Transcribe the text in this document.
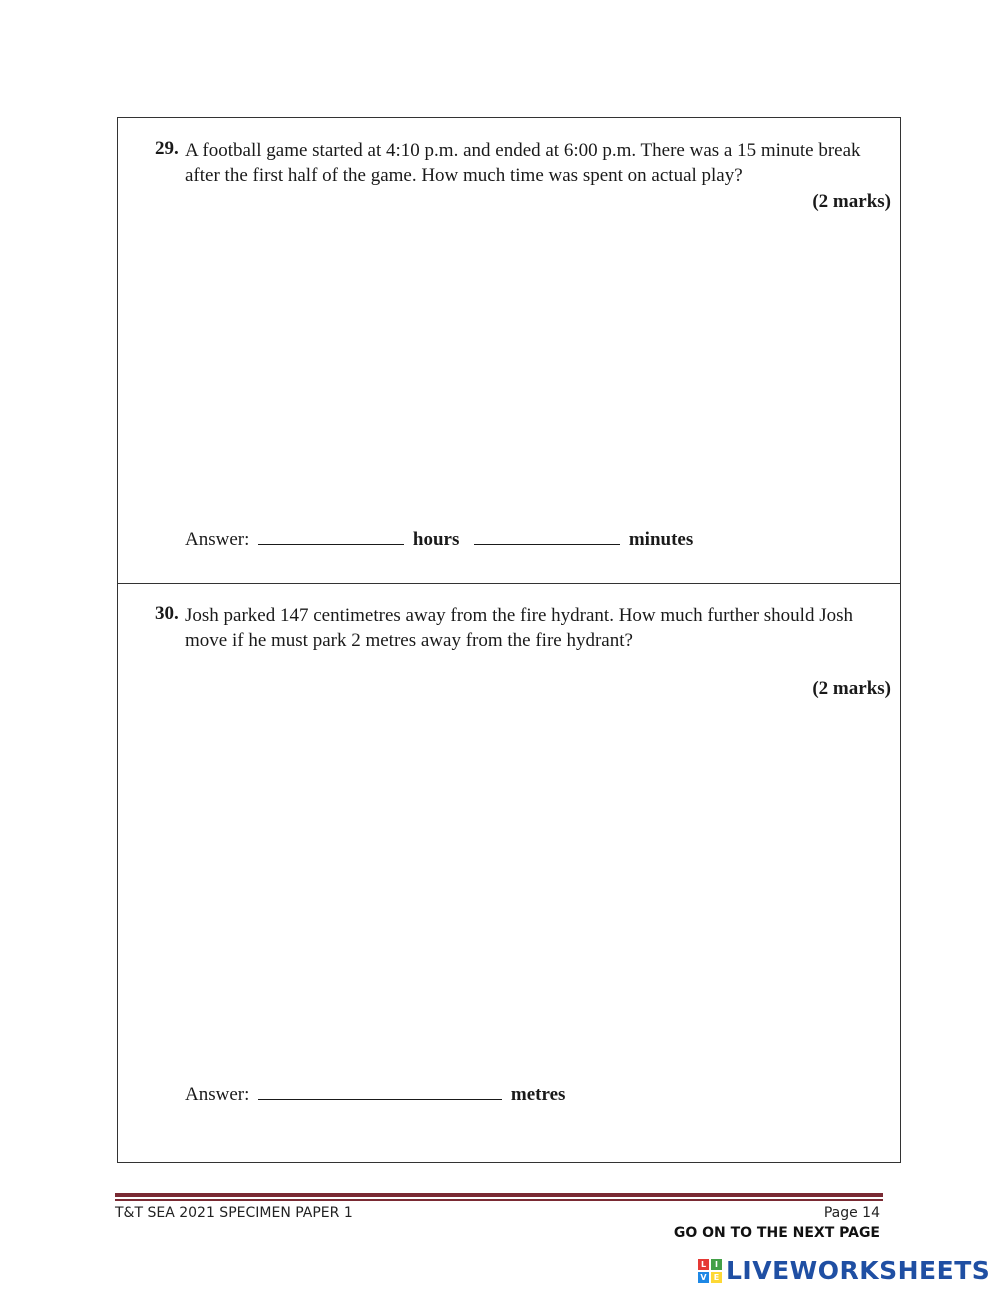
29. A football game started at 4:10 p.m. and ended at 6:00 p.m. There was a 15 minute break
after the first half of the game. How much time was spent on actual play?
(2 marks)
Answer:	hours	minutes
30. Josh parked 147 centimetres away from the fire hydrant. How much further should Josh
move if he must park 2 metres away from the fire hydrant?
(2 marks)
Answer:	metres
T&T SEA 2021 SPECIMEN PAPER 1	Page 14
GO ON TO THE NEXT PAGE
L	I
V E LIVEWORKSHEETS
